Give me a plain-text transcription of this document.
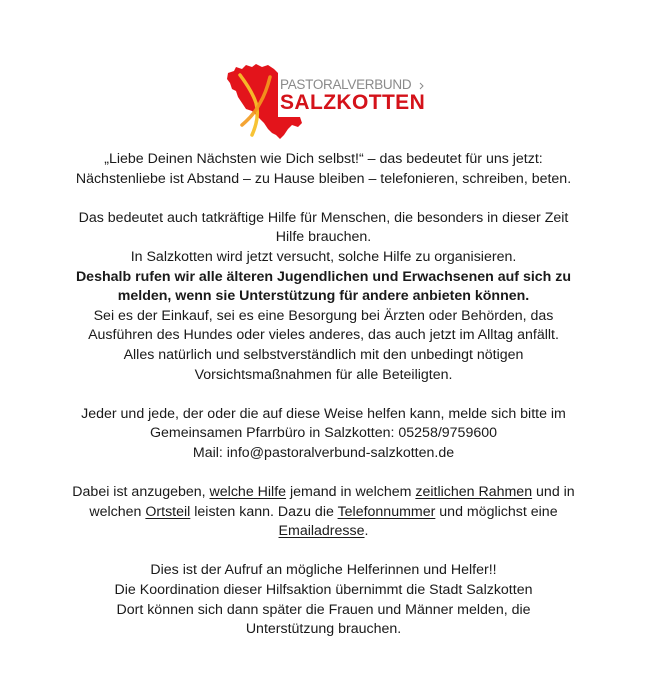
PASTORALVERBUND
SALZKOTTEN

„Liebe Deinen Nächsten wie Dich selbst!“ – das bedeutet für uns jetzt:

Nächstenliebe ist Abstand – zu Hause bleiben – telefonieren, schreiben, beten.

Das bedeutet auch tatkräftige Hilfe für Menschen, die besonders in dieser Zeit

Hilfe brauchen.

In Salzkotten wird jetzt versucht, solche Hilfe zu organisieren.

Deshalb rufen wir alle älteren Jugendlichen und Erwachsenen auf sich zu

melden, wenn sie Unterstützung für andere anbieten können.

Sei es der Einkauf, sei es eine Besorgung bei Ärzten oder Behörden, das

Ausführen des Hundes oder vieles anderes, das auch jetzt im Alltag anfällt.

Alles natürlich und selbstverständlich mit den unbedingt nötigen

Vorsichtsmaßnahmen für alle Beteiligten.

Jeder und jede, der oder die auf diese Weise helfen kann, melde sich bitte im

Gemeinsamen Pfarrbüro in Salzkotten: 05258/9759600

Mail: info@pastoralverbund-salzkotten.de

Dabei ist anzugeben, welche Hilfe jemand in welchem zeitlichen Rahmen und in

welchen Ortsteil leisten kann. Dazu die Telefonnummer und möglichst eine

Emailadresse.

Dies ist der Aufruf an mögliche Helferinnen und Helfer!!

Die Koordination dieser Hilfsaktion übernimmt die Stadt Salzkotten

Dort können sich dann später die Frauen und Männer melden, die

Unterstützung brauchen.
